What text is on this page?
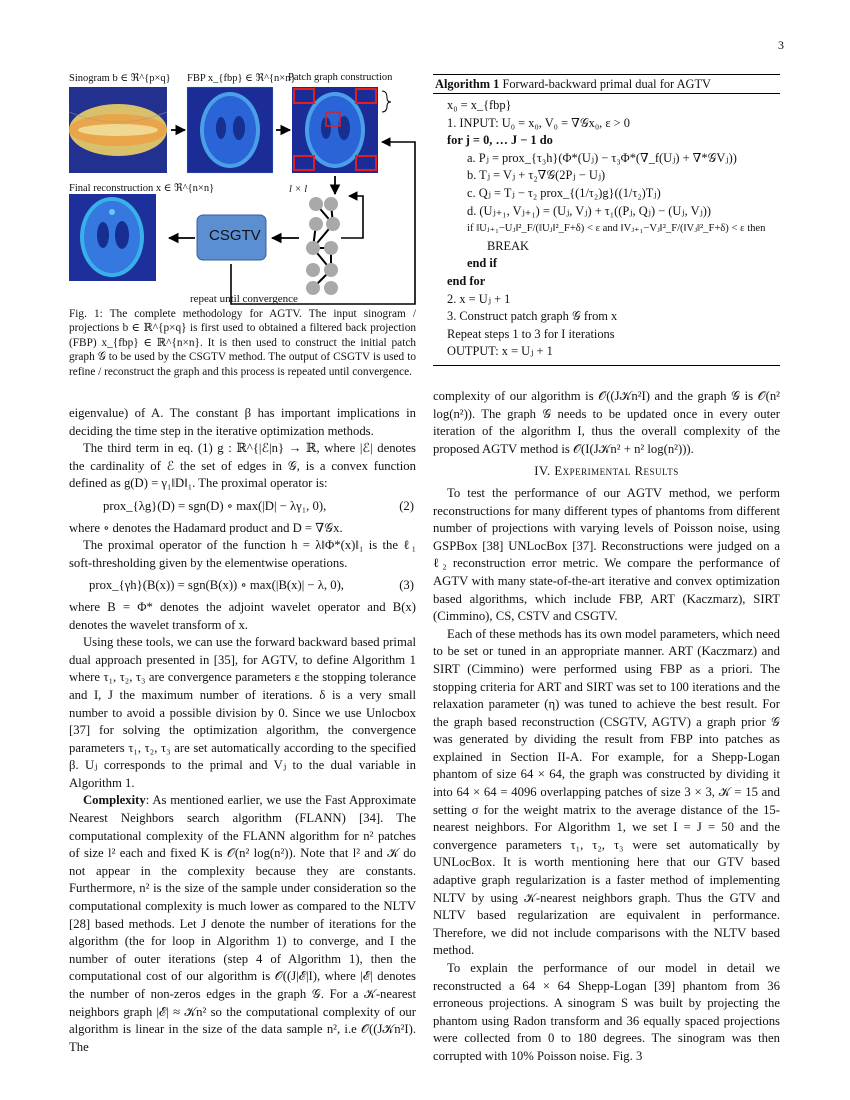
3
Sinogram b ∈ ℜ^{p×q} FBP x_{fbp} ∈ ℜ^{n×n}
Patch graph construction
Final reconstruction x ∈ ℜ^{n×n}	l × l
CSGTV
repeat until convergence
Fig. 1: The complete methodology for AGTV. The input sinogram / projections b ∈ ℝ^{p×q} is first used to obtained a filtered back projection (FBP) x_{fbp} ∈ ℝ^{n×n}. It is then used to construct the initial patch graph 𝒢 to be used by the CSGTV method. The output of CSGTV is used to refine / reconstruct the graph and this process is repeated until convergence.
Algorithm 1 Forward-backward primal dual for AGTV
x₀ = x_{fbp}
1. INPUT: U₀ = x₀, V₀ = ∇𝒢x₀, ε > 0
for j = 0, … J − 1 do
a. Pⱼ = prox_{τ₃h}(Φ*(Uⱼ) − τ₃Φ*(∇_f(Uⱼ) + ∇*𝒢Vⱼ))
b. Tⱼ = Vⱼ + τ₂∇𝒢(2Pⱼ − Uⱼ)
c. Qⱼ = Tⱼ − τ₂ prox_{(1/τ₂)g}((1/τ₂)Tⱼ)
d. (Uⱼ₊₁, Vⱼ₊₁) = (Uⱼ, Vⱼ) + τ₁((Pⱼ, Qⱼ) − (Uⱼ, Vⱼ))
if ‖Uⱼ₊₁−Uⱼ‖²_F/(‖Uⱼ‖²_F+δ) < ε and ‖Vⱼ₊₁−Vⱼ‖²_F/(‖Vⱼ‖²_F+δ) < ε then
BREAK
end if
end for
2. x = Uⱼ + 1
3. Construct patch graph 𝒢 from x
Repeat steps 1 to 3 for I iterations
OUTPUT: x = Uⱼ + 1

eigenvalue) of A. The constant β has important implications in deciding the time step in the iterative optimization methods.

The third term in eq. (1) g : ℝ^{|ℰ|n} → ℝ, where |ℰ| denotes the cardinality of ℰ the set of edges in 𝒢, is a convex function defined as g(D) = γ₁‖D‖₁. The proximal operator is:

prox_{λg}(D) = sgn(D) ∘ max(|D| − λγ₁, 0),	(2)

where ∘ denotes the Hadamard product and D = ∇𝒢x.

The proximal operator of the function h = λ‖Φ*(x)‖₁ is the ℓ₁ soft-thresholding given by the elementwise operations.

prox_{γh}(B(x)) = sgn(B(x)) ∘ max(|B(x)| − λ, 0),	(3)

where B = Φ* denotes the adjoint wavelet operator and B(x) denotes the wavelet transform of x.

Using these tools, we can use the forward backward based primal dual approach presented in [35], for AGTV, to define Algorithm 1 where τ₁, τ₂, τ₃ are convergence parameters ε the stopping tolerance and I, J the maximum number of iterations. δ is a very small number to avoid a possible division by 0. Since we use Unlocbox [37] for solving the optimization algorithm, the convergence parameters τ₁, τ₂, τ₃ are set automatically according to the specified β. Uⱼ corresponds to the primal and Vⱼ to the dual variable in Algorithm 1.

Complexity: As mentioned earlier, we use the Fast Approximate Nearest Neighbors search algorithm (FLANN) [34]. The computational complexity of the FLANN algorithm for n² patches of size l² each and fixed K is 𝒪(n² log(n²)). Note that l² and 𝒦 do not appear in the complexity because they are constants. Furthermore, n² is the size of the sample under consideration so the computational complexity is much lower as compared to the NLTV [28] based methods. Let J denote the number of iterations for the algorithm (the for loop in Algorithm 1) to converge, and I the number of outer iterations (step 4 of Algorithm 1), then the computational cost of our algorithm is 𝒪((J|ℰ|I), where |ℰ| denotes the number of non-zeros edges in the graph 𝒢. For a 𝒦-nearest neighbors graph |ℰ| ≈ 𝒦n² so the computational complexity of our algorithm is linear in the size of the data sample n², i.e 𝒪((J𝒦n²I). The

complexity of our algorithm is 𝒪((J𝒦n²I) and the graph 𝒢 is 𝒪(n² log(n²)). The graph 𝒢 needs to be updated once in every outer iteration of the algorithm I, thus the overall complexity of the proposed AGTV method is 𝒪(I(J𝒦n² + n² log(n²))).

IV. Experimental Results

To test the performance of our AGTV method, we perform reconstructions for many different types of phantoms from different number of projections with varying levels of Poisson noise, using GSPBox [38] UNLocBox [37]. Reconstructions were judged on a ℓ₂ reconstruction error metric. We compare the performance of AGTV with many state-of-the-art iterative and convex optimization based algorithms, which include FBP, ART (Kaczmarz), SIRT (Cimmino), CS, CSTV and CSGTV.

Each of these methods has its own model parameters, which need to be set or tuned in an appropriate manner. ART (Kaczmarz) and SIRT (Cimmino) were performed using FBP as a priori. The stopping criteria for ART and SIRT was set to 100 iterations and the relaxation parameter (η) was tuned to achieve the best result. For the graph based reconstruction (CSGTV, AGTV) a graph prior 𝒢 was generated by dividing the result from FBP into patches as explained in Section II-A. For example, for a Shepp-Logan phantom of size 64 × 64, the graph was constructed by dividing it into 64 × 64 = 4096 overlapping patches of size 3 × 3, 𝒦 = 15 and setting σ for the weight matrix to the average distance of the 15-nearest neighbors. For Algorithm 1, we set I = J = 50 and the convergence parameters τ₁, τ₂, τ₃ were set automatically by UNLocBox. It is worth mentioning here that our GTV based adaptive graph regularization is a faster method of implementing NLTV by using 𝒦-nearest neighbors graph. Thus the GTV and NLTV based regularization are equivalent in performance. Therefore, we did not include comparisons with the NLTV based method.

To explain the performance of our model in detail we reconstructed a 64 × 64 Shepp-Logan [39] phantom from 36 erroneous projections. A sinogram S was built by projecting the phantom using Radon transform and 36 equally spaced projections were collected from 0 to 180 degrees. The sinogram was then corrupted with 10% Poisson noise. Fig. 3
